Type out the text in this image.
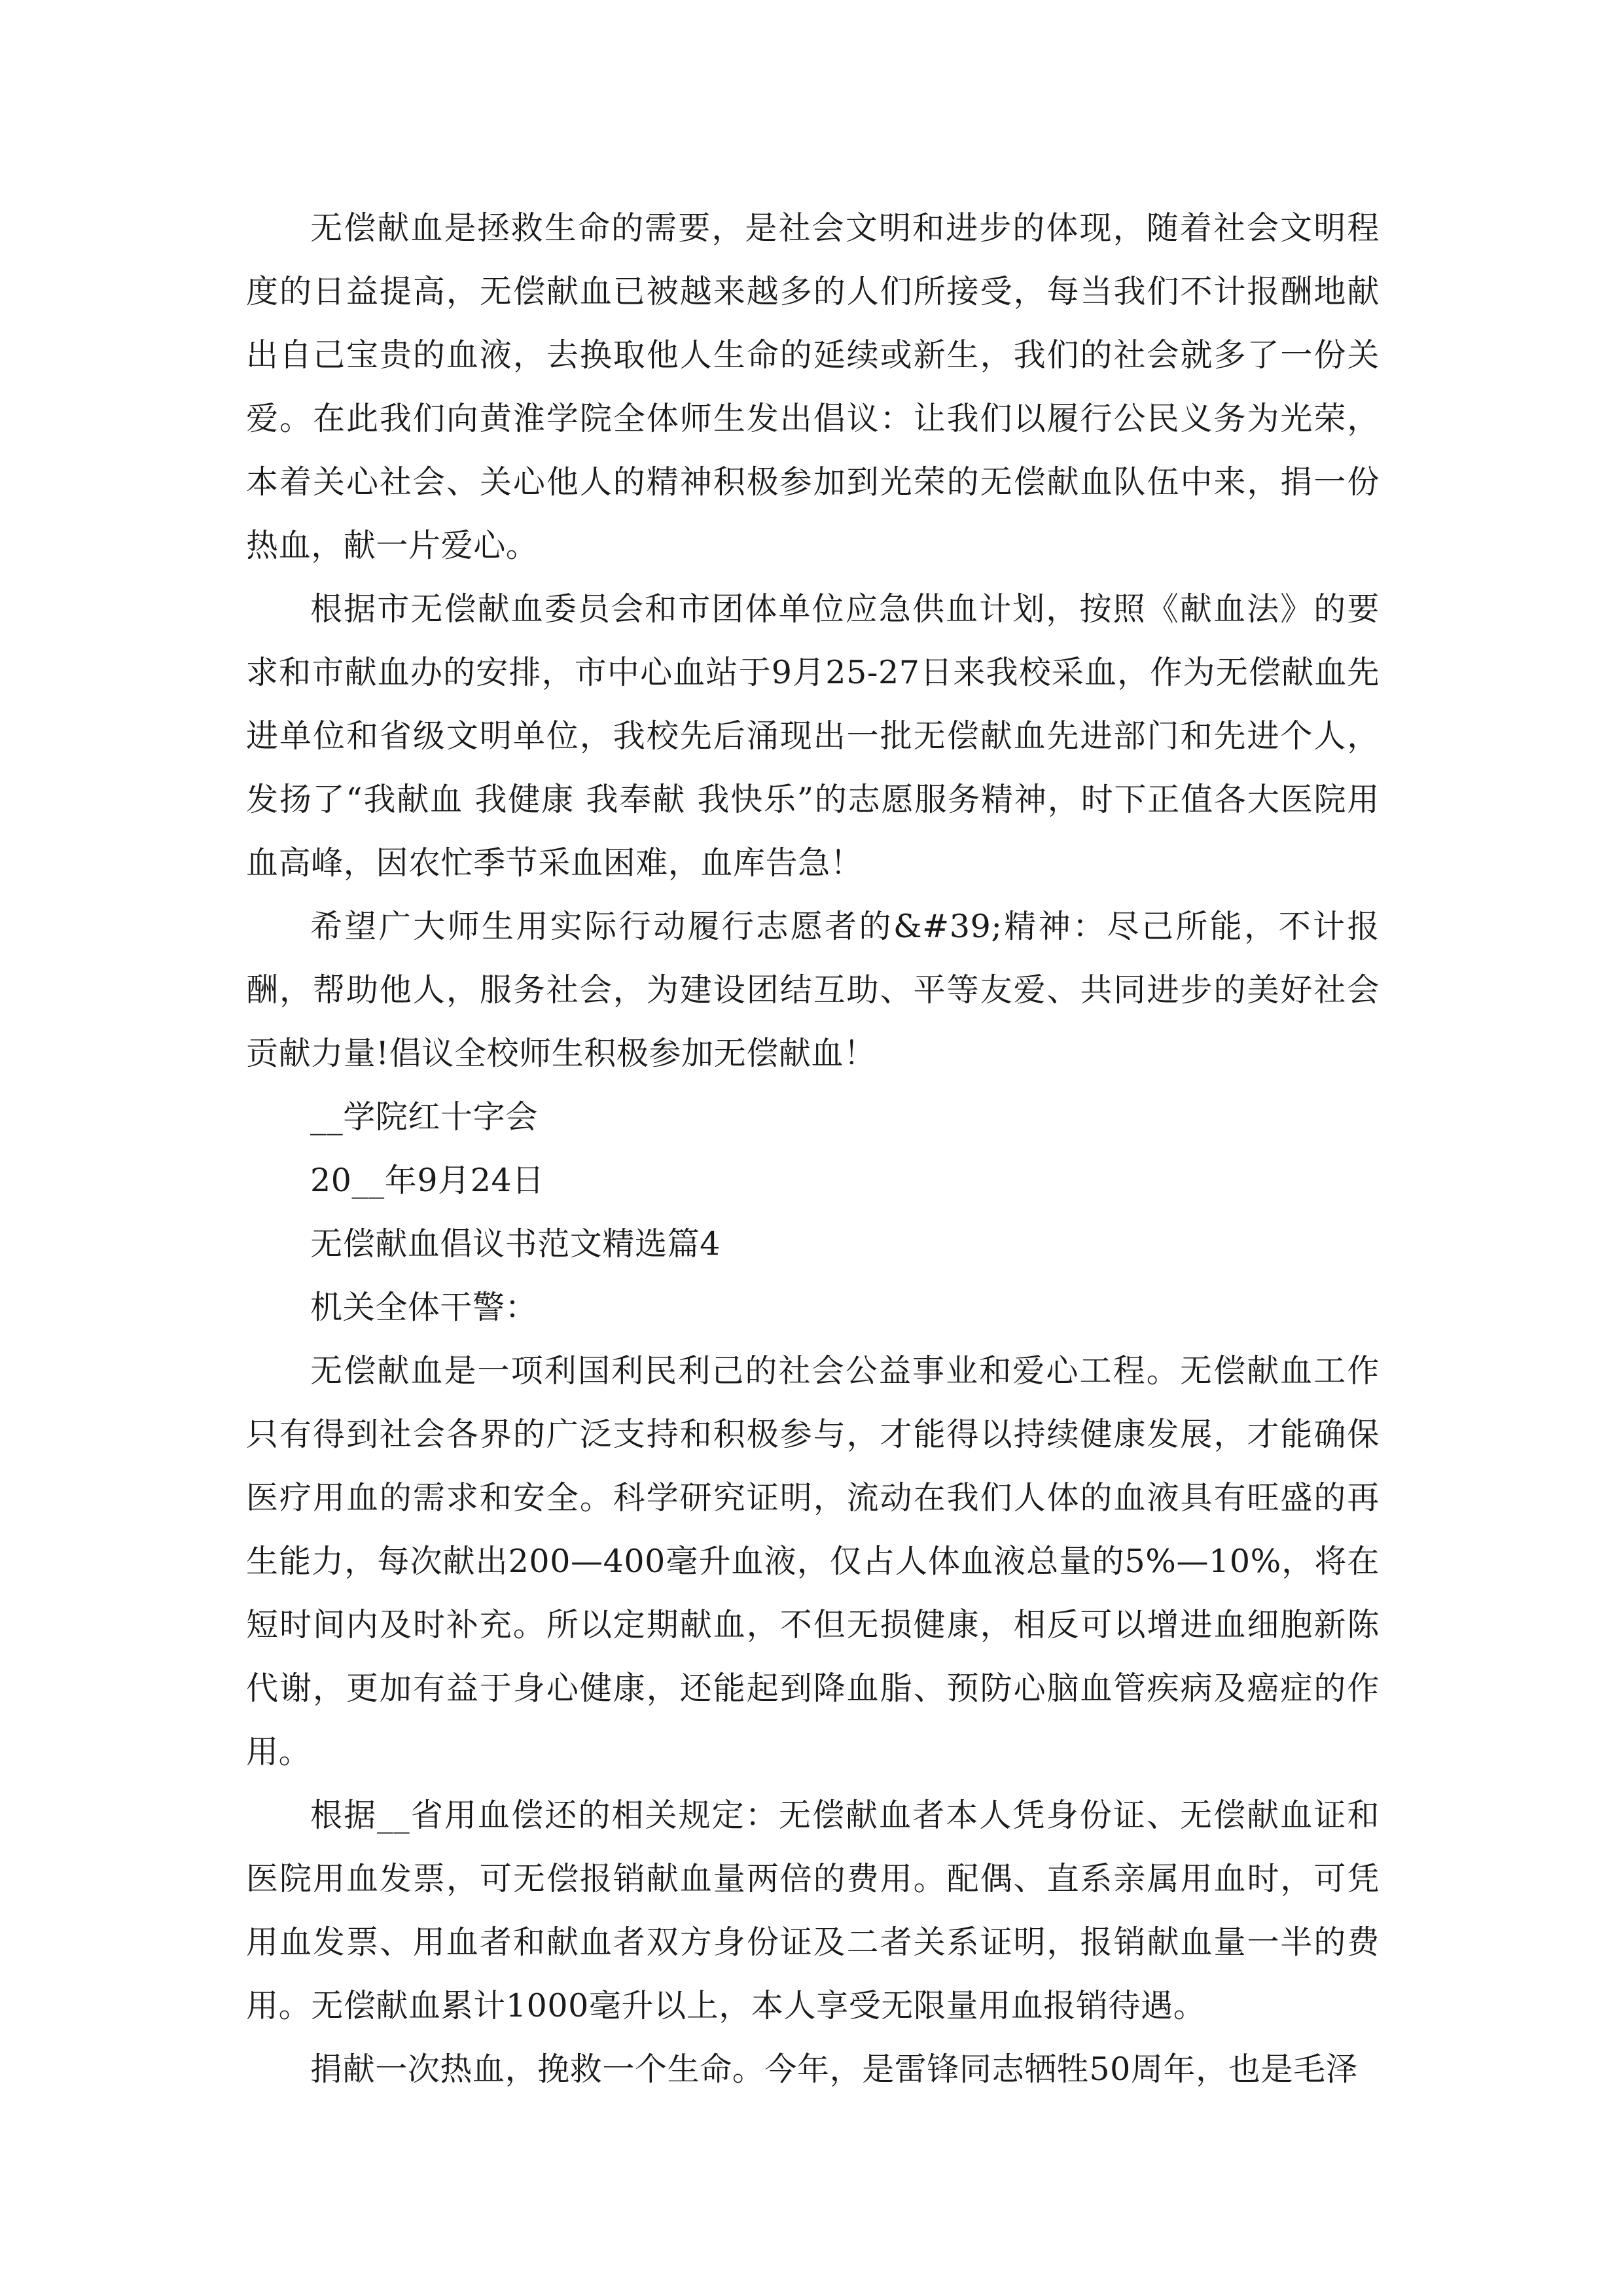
无偿献血是拯救生命的需要，是社会文明和进步的体现，随着社会文明程度的日益提高，无偿献血已被越来越多的人们所接受，每当我们不计报酬地献出自己宝贵的血液，去换取他人生命的延续或新生，我们的社会就多了一份关爱。在此我们向黄淮学院全体师生发出倡议：让我们以履行公民义务为光荣，本着关心社会、关心他人的精神积极参加到光荣的无偿献血队伍中来，捐一份热血，献一片爱心。

根据市无偿献血委员会和市团体单位应急供血计划，按照《献血法》的要求和市献血办的安排，市中心血站于9月25-27日来我校采血，作为无偿献血先进单位和省级文明单位，我校先后涌现出一批无偿献血先进部门和先进个人，发扬了“我献血 我健康 我奉献 我快乐”的志愿服务精神，时下正值各大医院用血高峰，因农忙季节采血困难，血库告急！

希望广大师生用实际行动履行志愿者的&#39;精神：尽己所能，不计报酬，帮助他人，服务社会，为建设团结互助、平等友爱、共同进步的美好社会贡献力量!倡议全校师生积极参加无偿献血！

__学院红十字会

20__年9月24日

无偿献血倡议书范文精选篇4

机关全体干警：

无偿献血是一项利国利民利己的社会公益事业和爱心工程。无偿献血工作只有得到社会各界的广泛支持和积极参与，才能得以持续健康发展，才能确保医疗用血的需求和安全。科学研究证明，流动在我们人体的血液具有旺盛的再生能力，每次献出200—400毫升血液，仅占人体血液总量的5%—10%，将在短时间内及时补充。所以定期献血，不但无损健康，相反可以增进血细胞新陈代谢，更加有益于身心健康，还能起到降血脂、预防心脑血管疾病及癌症的作用。

根据__省用血偿还的相关规定：无偿献血者本人凭身份证、无偿献血证和医院用血发票，可无偿报销献血量两倍的费用。配偶、直系亲属用血时，可凭用血发票、用血者和献血者双方身份证及二者关系证明，报销献血量一半的费用。无偿献血累计1000毫升以上，本人享受无限量用血报销待遇。

捐献一次热血，挽救一个生命。今年，是雷锋同志牺牲50周年，也是毛泽
